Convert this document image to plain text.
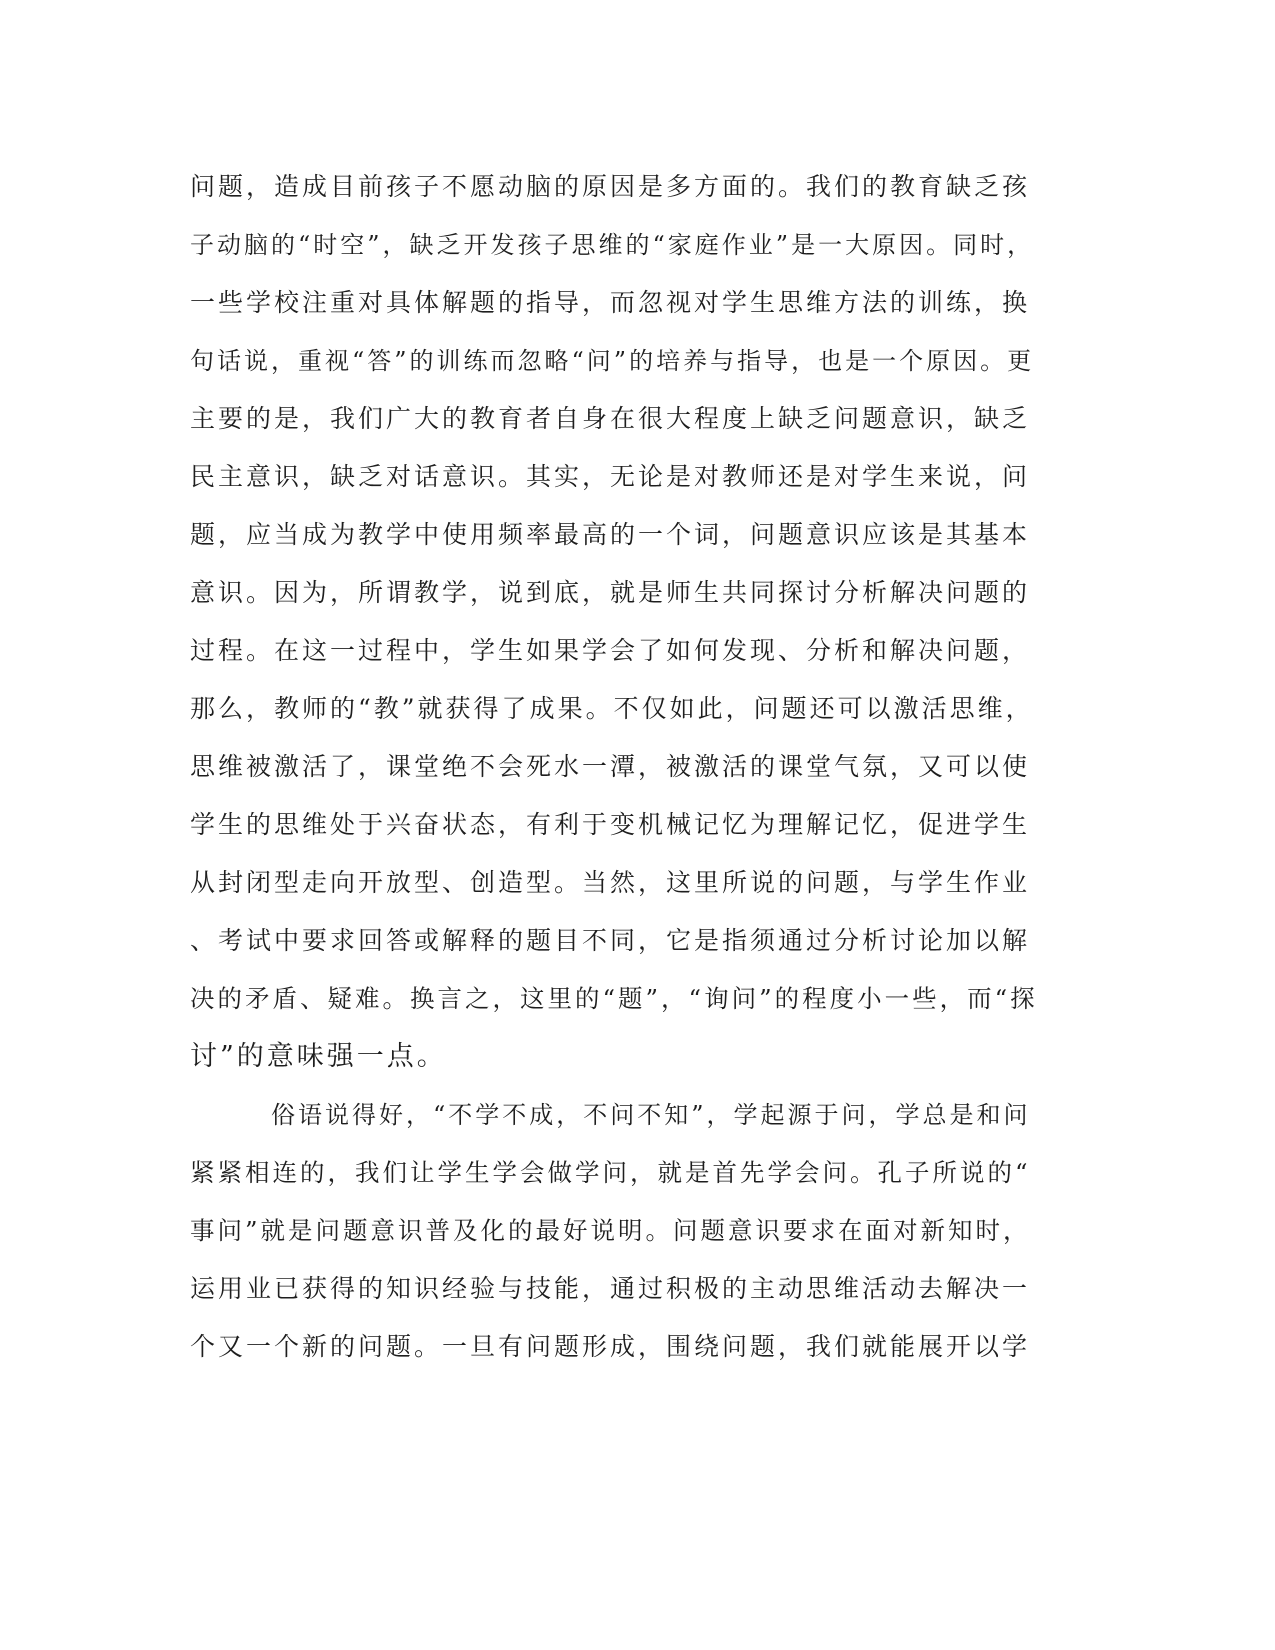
问题，造成目前孩子不愿动脑的原因是多方面的。我们的教育缺乏孩
子动脑的“时空”，缺乏开发孩子思维的“家庭作业”是一大原因。同时，
一些学校注重对具体解题的指导，而忽视对学生思维方法的训练，换
句话说，重视“答”的训练而忽略“问”的培养与指导，也是一个原因。更
主要的是，我们广大的教育者自身在很大程度上缺乏问题意识，缺乏
民主意识，缺乏对话意识。其实，无论是对教师还是对学生来说，问
题，应当成为教学中使用频率最高的一个词，问题意识应该是其基本
意识。因为，所谓教学，说到底，就是师生共同探讨分析解决问题的
过程。在这一过程中，学生如果学会了如何发现、分析和解决问题，
那么，教师的“教”就获得了成果。不仅如此，问题还可以激活思维，
思维被激活了，课堂绝不会死水一潭，被激活的课堂气氛，又可以使
学生的思维处于兴奋状态，有利于变机械记忆为理解记忆，促进学生
从封闭型走向开放型、创造型。当然，这里所说的问题，与学生作业
、考试中要求回答或解释的题目不同，它是指须通过分析讨论加以解
决的矛盾、疑难。换言之，这里的“题”，“询问”的程度小一些，而“探
讨”的意味强一点。
　　　俗语说得好，“不学不成，不问不知”，学起源于问，学总是和问
紧紧相连的，我们让学生学会做学问，就是首先学会问。孔子所说的“
事问”就是问题意识普及化的最好说明。问题意识要求在面对新知时，
运用业已获得的知识经验与技能，通过积极的主动思维活动去解决一
个又一个新的问题。一旦有问题形成，围绕问题，我们就能展开以学
